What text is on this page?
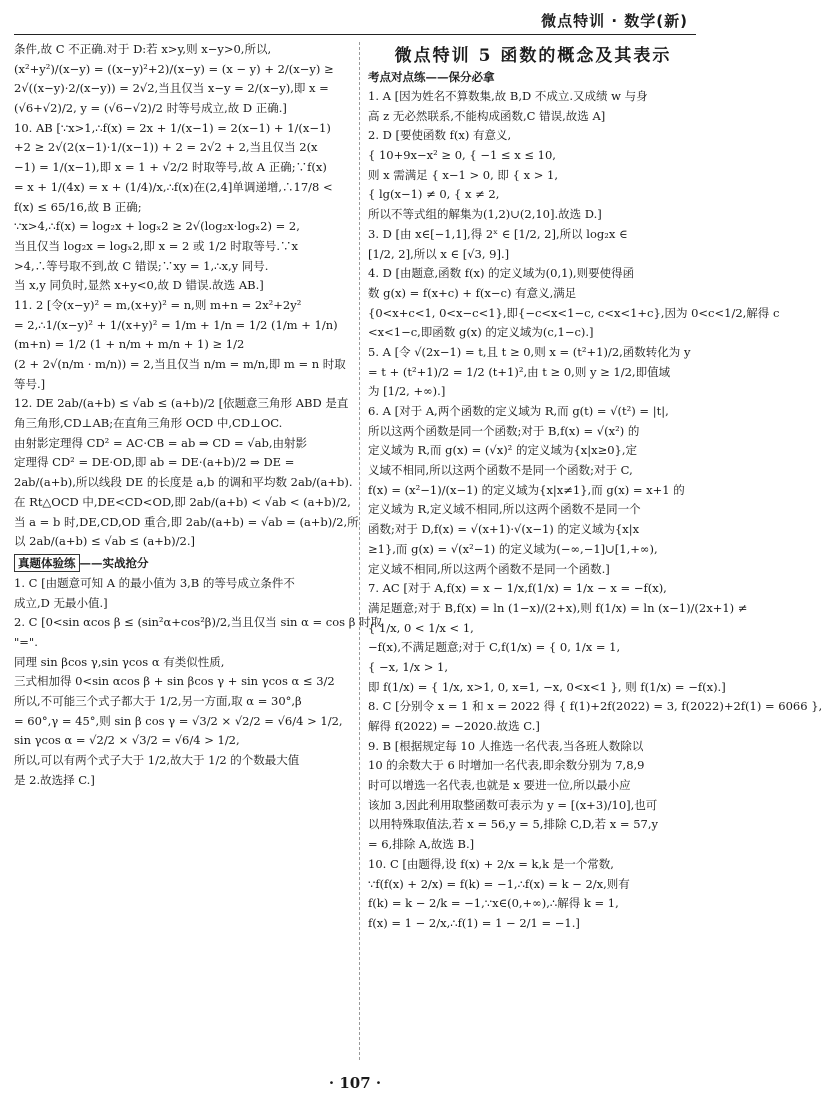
微点特训 · 数学(新)
条件,故 C 不正确.对于 D:若 x>y,则 x−y>0,所以,
(x²+y²)/(x−y) = ((x−y)²+2)/(x−y) = (x − y) + 2/(x−y) ≥
2√((x−y)·2/(x−y)) = 2√2,当且仅当 x−y = 2/(x−y),即 x =
(√6+√2)/2, y = (√6−√2)/2 时等号成立,故 D 正确.]
10. AB [∵x>1,∴f(x) = 2x + 1/(x−1) = 2(x−1) + 1/(x−1)
+2 ≥ 2√(2(x−1)·1/(x−1)) + 2 = 2√2 + 2,当且仅当 2(x
−1) = 1/(x−1),即 x = 1 + √2/2 时取等号,故 A 正确;∵f(x)
= x + 1/(4x) = x + (1/4)/x,∴f(x)在(2,4]单调递增,∴17/8 <
f(x) ≤ 65/16,故 B 正确;
∵x>4,∴f(x) = log₂x + logₓ2 ≥ 2√(log₂x·logₓ2) = 2,
当且仅当 log₂x = logₓ2,即 x = 2 或 1/2 时取等号.∵x
>4,∴等号取不到,故 C 错误;∵xy = 1,∴x,y 同号.
当 x,y 同负时,显然 x+y<0,故 D 错误.故选 AB.]
11. 2 [令(x−y)² = m,(x+y)² = n,则 m+n = 2x²+2y²
= 2,∴1/(x−y)² + 1/(x+y)² = 1/m + 1/n = 1/2 (1/m + 1/n)
(m+n) = 1/2 (1 + n/m + m/n + 1) ≥ 1/2
(2 + 2√(n/m · m/n)) = 2,当且仅当 n/m = m/n,即 m = n 时取
等号.]
12. DE 2ab/(a+b) ≤ √ab ≤ (a+b)/2 [依题意三角形 ABD 是直
角三角形,CD⊥AB;在直角三角形 OCD 中,CD⊥OC.
由射影定理得 CD² = AC·CB = ab ⇒ CD = √ab,由射影
定理得 CD² = DE·OD,即 ab = DE·(a+b)/2 ⇒ DE =
2ab/(a+b),所以线段 DE 的长度是 a,b 的调和平均数 2ab/(a+b).
在 Rt△OCD 中,DE<CD<OD,即 2ab/(a+b) < √ab < (a+b)/2,
当 a = b 时,DE,CD,OD 重合,即 2ab/(a+b) = √ab = (a+b)/2,所
以 2ab/(a+b) ≤ √ab ≤ (a+b)/2.]
真题体验练 ——实战抢分
1. C [由题意可知 A 的最小值为 3,B 的等号成立条件不
成立,D 无最小值.]
2. C [0<sin αcos β ≤ (sin²α+cos²β)/2,当且仅当 sin α = cos β 时取
"=".
同理 sin βcos γ,sin γcos α 有类似性质,
三式相加得 0<sin αcos β + sin βcos γ + sin γcos α ≤ 3/2
所以,不可能三个式子都大于 1/2,另一方面,取 α = 30°,β
= 60°,γ = 45°,则 sin β cos γ = √3/2 × √2/2 = √6/4 > 1/2,
sin γcos α = √2/2 × √3/2 = √6/4 > 1/2,
所以,可以有两个式子大于 1/2,故大于 1/2 的个数最大值
是 2.故选择 C.]
微点特训 5 函数的概念及其表示
考点对点练——保分必拿
1. A [因为姓名不算数集,故 B,D 不成立.又成绩 w 与身
高 z 无必然联系,不能构成函数,C 错误,故选 A]
2. D [要使函数 f(x) 有意义,
{ 10+9x−x² ≥ 0, { −1 ≤ x ≤ 10,
则 x 需满足 { x−1 > 0, 即 { x > 1,
{ lg(x−1) ≠ 0, { x ≠ 2,
所以不等式组的解集为(1,2)∪(2,10].故选 D.]
3. D [由 x∈[−1,1],得 2ˣ ∈ [1/2, 2],所以 log₂x ∈
[1/2, 2],所以 x ∈ [√3, 9].]
4. D [由题意,函数 f(x) 的定义域为(0,1),则要使得函
数 g(x) = f(x+c) + f(x−c) 有意义,满足
{0<x+c<1, 0<x−c<1},即{−c<x<1−c, c<x<1+c},因为 0<c<1/2,解得 c
<x<1−c,即函数 g(x) 的定义域为(c,1−c).]
5. A [令 √(2x−1) = t,且 t ≥ 0,则 x = (t²+1)/2,函数转化为 y
= t + (t²+1)/2 = 1/2 (t+1)²,由 t ≥ 0,则 y ≥ 1/2,即值域
为 [1/2, +∞).]
6. A [对于 A,两个函数的定义域为 R,而 g(t) = √(t²) = |t|,
所以这两个函数是同一个函数;对于 B,f(x) = √(x²) 的
定义域为 R,而 g(x) = (√x)² 的定义域为{x|x≥0},定
义域不相同,所以这两个函数不是同一个函数;对于 C,
f(x) = (x²−1)/(x−1) 的定义域为{x|x≠1},而 g(x) = x+1 的
定义域为 R,定义域不相同,所以这两个函数不是同一个
函数;对于 D,f(x) = √(x+1)·√(x−1) 的定义域为{x|x
≥1},而 g(x) = √(x²−1) 的定义域为(−∞,−1]∪[1,+∞),
定义域不相同,所以这两个函数不是同一个函数.]
7. AC [对于 A,f(x) = x − 1/x,f(1/x) = 1/x − x = −f(x),
满足题意;对于 B,f(x) = ln (1−x)/(2+x),则 f(1/x) = ln (x−1)/(2x+1) ≠
{ 1/x, 0 < 1/x < 1,
−f(x),不满足题意;对于 C,f(1/x) = { 0, 1/x = 1,
{ −x, 1/x > 1,
即 f(1/x) = { 1/x, x>1, 0, x=1, −x, 0<x<1 }, 则 f(1/x) = −f(x).]
8. C [分别令 x = 1 和 x = 2022 得 { f(1)+2f(2022) = 3, f(2022)+2f(1) = 6066 },
解得 f(2022) = −2020.故选 C.]
9. B [根据规定每 10 人推选一名代表,当各班人数除以
10 的余数大于 6 时增加一名代表,即余数分别为 7,8,9
时可以增选一名代表,也就是 x 要进一位,所以最小应
该加 3,因此利用取整函数可表示为 y = [(x+3)/10],也可
以用特殊取值法,若 x = 56,y = 5,排除 C,D,若 x = 57,y
= 6,排除 A,故选 B.]
10. C [由题得,设 f(x) + 2/x = k,k 是一个常数,
∵f(f(x) + 2/x) = f(k) = −1,∴f(x) = k − 2/x,则有
f(k) = k − 2/k = −1,∵x∈(0,+∞),∴解得 k = 1,
f(x) = 1 − 2/x,∴f(1) = 1 − 2/1 = −1.]
· 107 ·
